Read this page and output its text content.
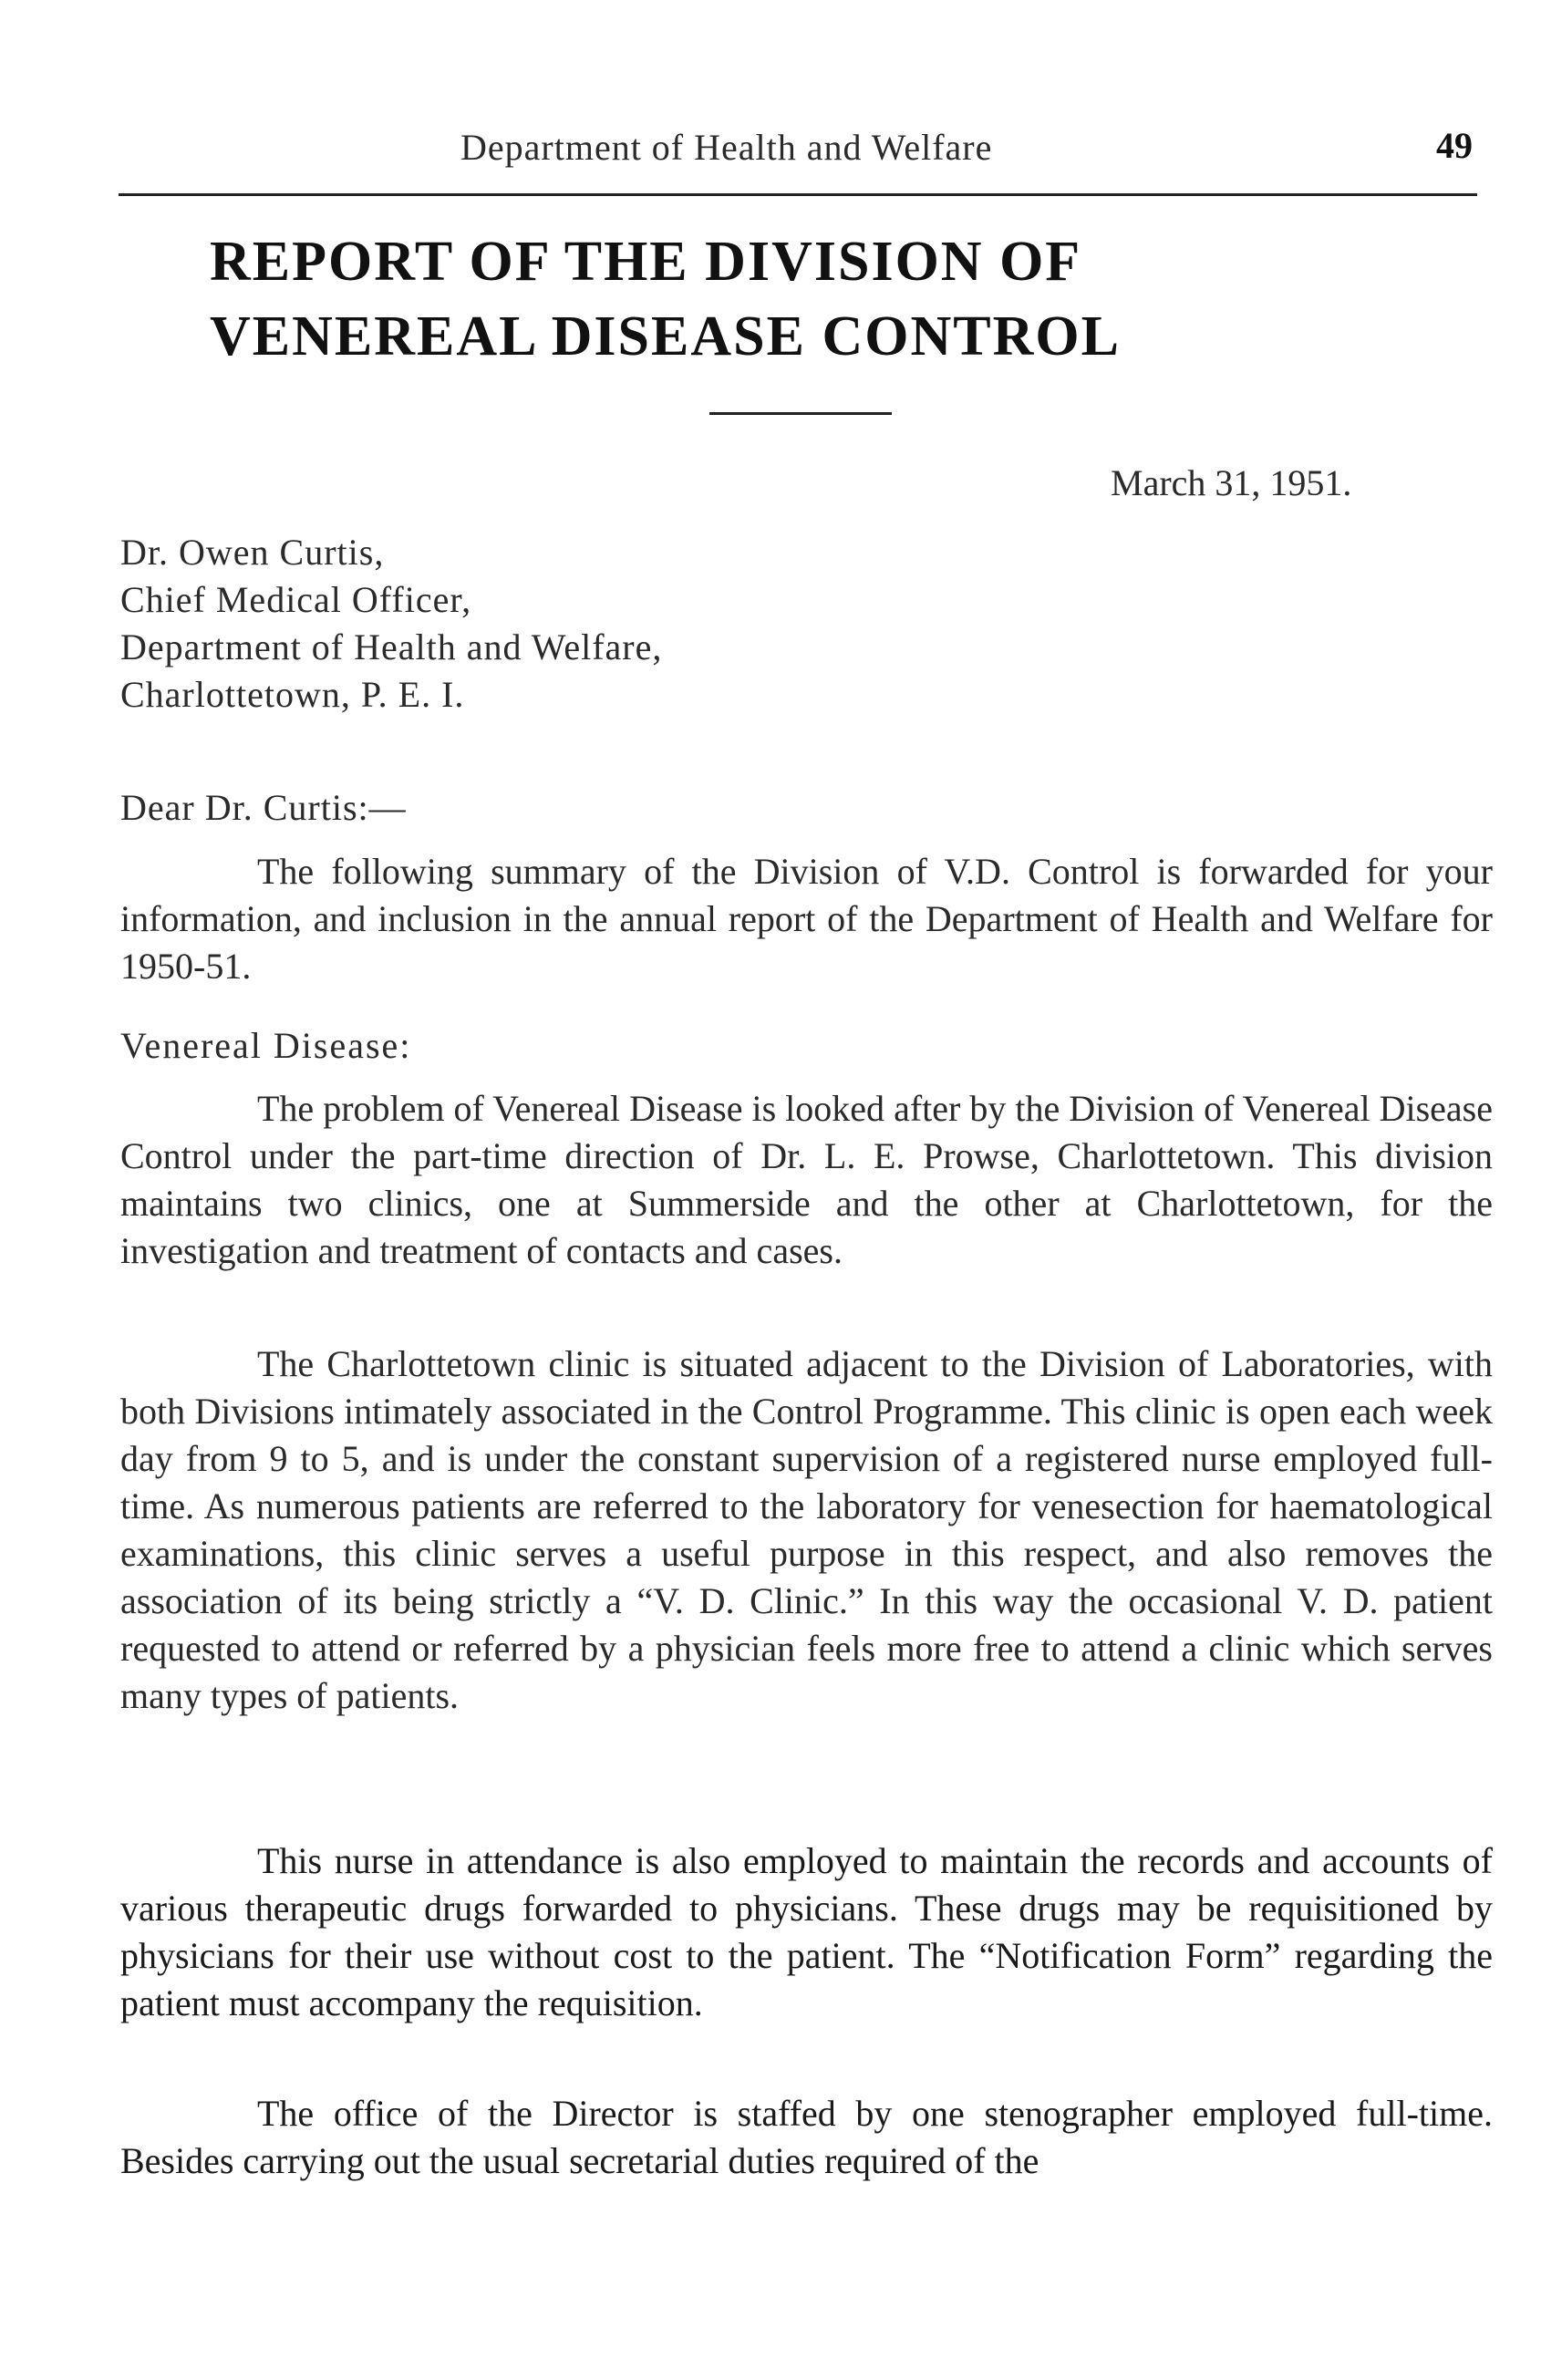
Department of Health and Welfare	49
REPORT OF THE DIVISION OF
VENEREAL DISEASE CONTROL
March 31, 1951.
Dr. Owen Curtis,
Chief Medical Officer,
Department of Health and Welfare,
Charlottetown, P. E. I.
Dear Dr. Curtis:—

The following summary of the Division of V.D. Control is forwarded for your information, and inclusion in the annual report of the Department of Health and Welfare for 1950-51.

Venereal Disease:

The problem of Venereal Disease is looked after by the Division of Venereal Disease Control under the part-time direction of Dr. L. E. Prowse, Charlottetown. This division maintains two clinics, one at Summerside and the other at Charlottetown, for the investigation and treatment of contacts and cases.

The Charlottetown clinic is situated adjacent to the Division of Laboratories, with both Divisions intimately associated in the Control Programme. This clinic is open each week day from 9 to 5, and is under the constant supervision of a registered nurse employed full-time. As numerous patients are referred to the laboratory for venesection for haematological examinations, this clinic serves a useful purpose in this respect, and also removes the association of its being strictly a “V. D. Clinic.” In this way the occasional V. D. patient requested to attend or referred by a physician feels more free to attend a clinic which serves many types of patients.

This nurse in attendance is also employed to maintain the records and accounts of various therapeutic drugs forwarded to physicians. These drugs may be requisitioned by physicians for their use without cost to the patient. The “Notification Form” regarding the patient must accompany the requisition.

The office of the Director is staffed by one stenographer employed full-time. Besides carrying out the usual secretarial duties required of the
